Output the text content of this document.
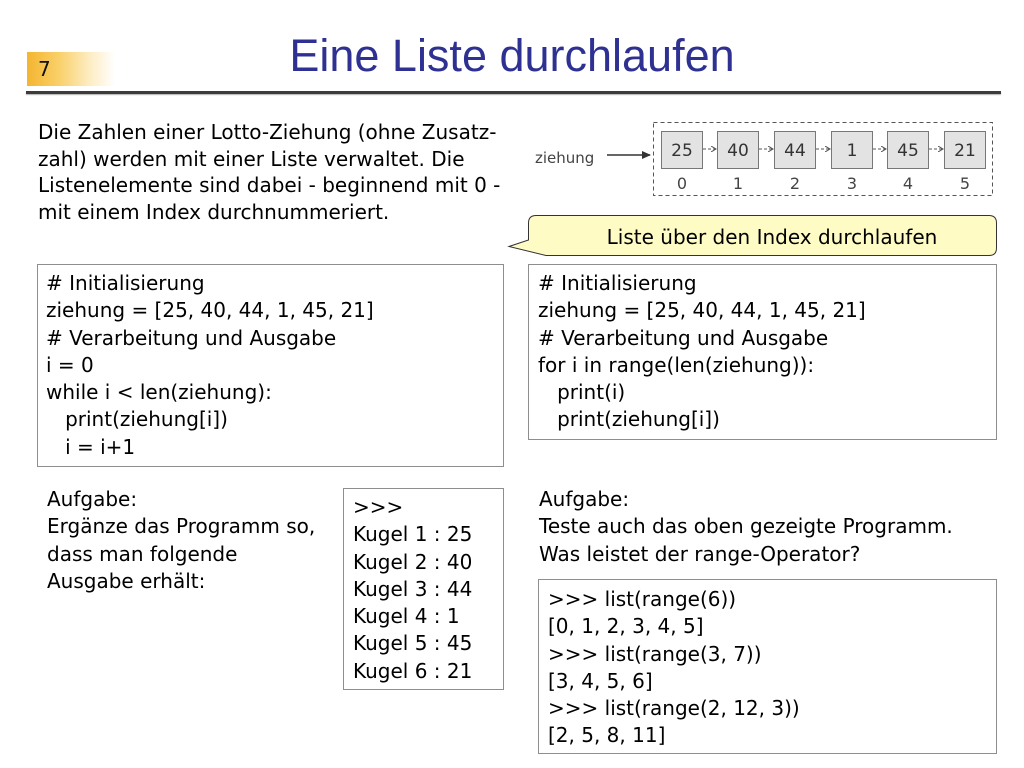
ziehung	25
0
40
1
44
2
1
3
45
4
21
5
Liste über den Index durchlaufen
7	Eine Liste durchlaufen
Die Zahlen einer Lotto-Ziehung (ohne Zusatz-
zahl) werden mit einer Liste verwaltet. Die
Listenelemente sind dabei - beginnend mit 0 -
mit einem Index durchnummeriert.
# Initialisierung
ziehung = [25, 40, 44, 1, 45, 21]
# Verarbeitung und Ausgabe
i = 0
while i < len(ziehung):
print(ziehung[i])
i = i+1
# Initialisierung
ziehung = [25, 40, 44, 1, 45, 21]
# Verarbeitung und Ausgabe
for i in range(len(ziehung)):
print(i)
print(ziehung[i])
Aufgabe:
Ergänze das Programm so,
dass man folgende
Ausgabe erhält:
>>>
Kugel 1 : 25
Kugel 2 : 40
Kugel 3 : 44
Kugel 4 : 1
Kugel 5 : 45
Kugel 6 : 21
Aufgabe:
Teste auch das oben gezeigte Programm.
Was leistet der range-Operator?
>>> list(range(6))
[0, 1, 2, 3, 4, 5]
>>> list(range(3, 7))
[3, 4, 5, 6]
>>> list(range(2, 12, 3))
[2, 5, 8, 11]
